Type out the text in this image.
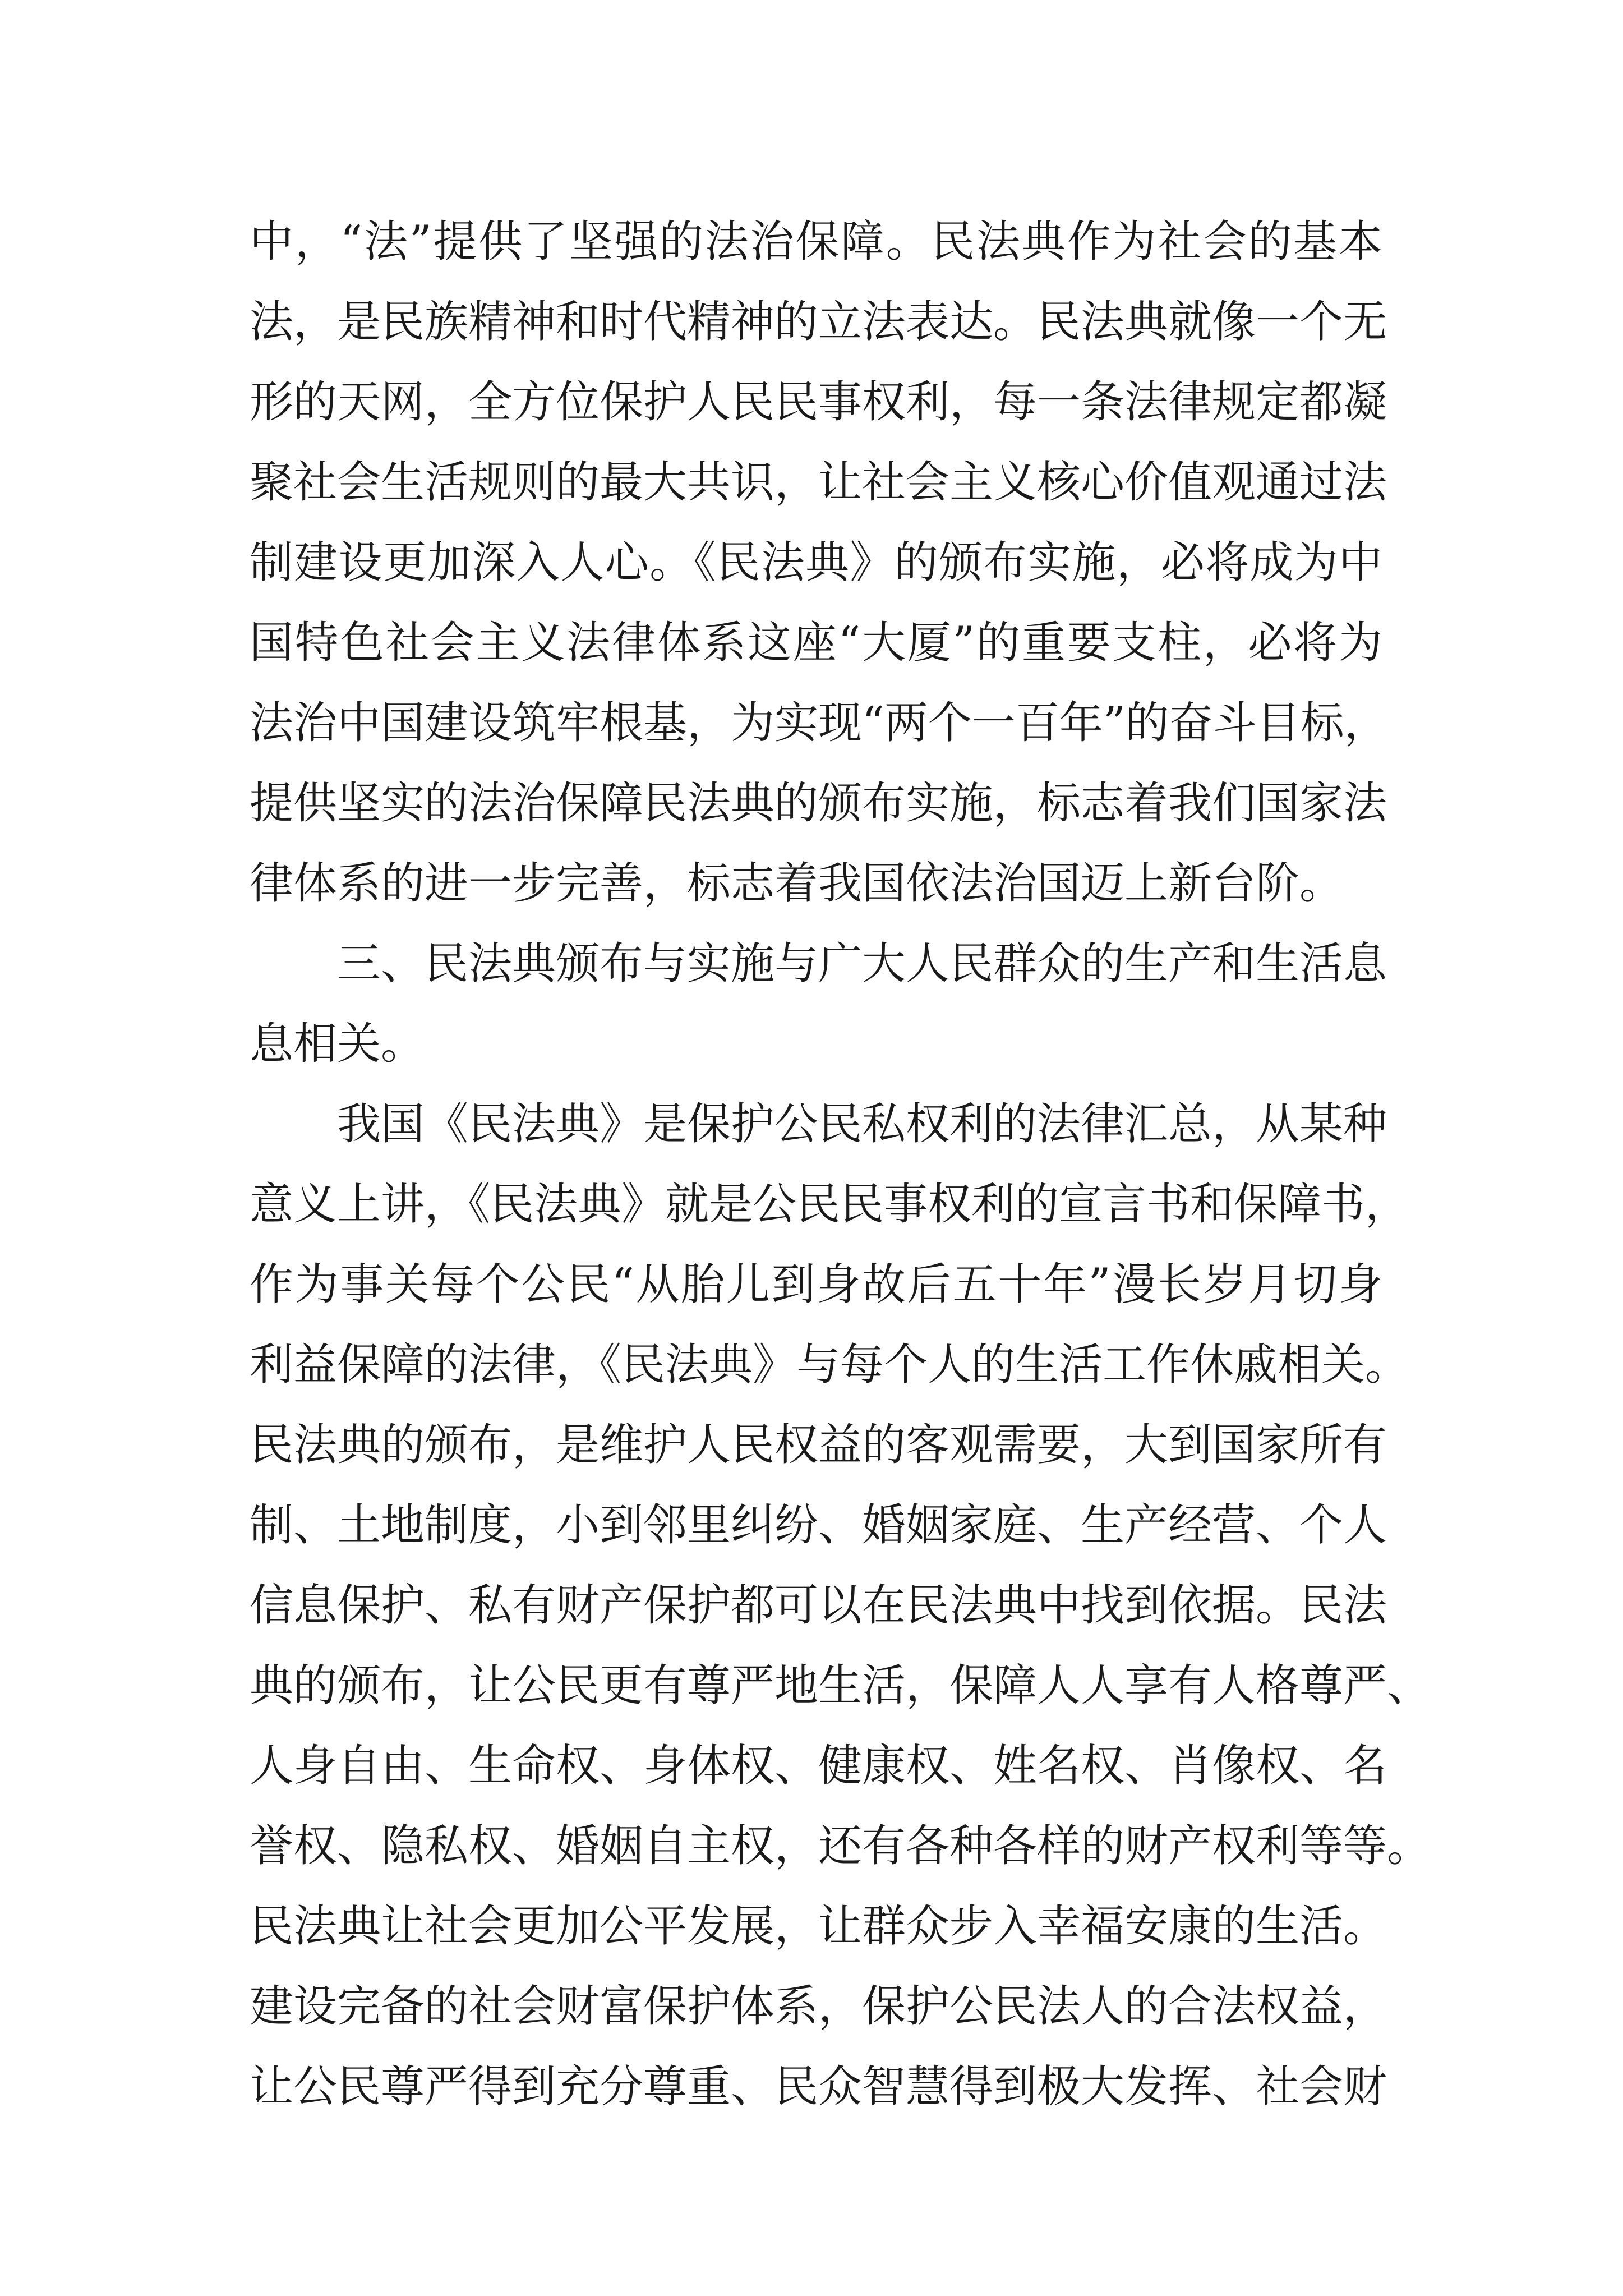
中，“法”提供了坚强的法治保障。民法典作为社会的基本
法，是民族精神和时代精神的立法表达。民法典就像一个无
形的天网，全方位保护人民民事权利，每一条法律规定都凝
聚社会生活规则的最大共识，让社会主义核心价值观通过法
制建设更加深入人心。《民法典》的颁布实施，必将成为中
国特色社会主义法律体系这座“大厦”的重要支柱，必将为
法治中国建设筑牢根基，为实现“两个一百年”的奋斗目标，
提供坚实的法治保障民法典的颁布实施，标志着我们国家法
律体系的进一步完善，标志着我国依法治国迈上新台阶。
三、民法典颁布与实施与广大人民群众的生产和生活息
息相关。
我国《民法典》是保护公民私权利的法律汇总，从某种
意义上讲，《民法典》就是公民民事权利的宣言书和保障书，
作为事关每个公民“从胎儿到身故后五十年”漫长岁月切身
利益保障的法律，《民法典》与每个人的生活工作休戚相关。
民法典的颁布，是维护人民权益的客观需要，大到国家所有
制、土地制度，小到邻里纠纷、婚姻家庭、生产经营、个人
信息保护、私有财产保护都可以在民法典中找到依据。民法
典的颁布，让公民更有尊严地生活，保障人人享有人格尊严、
人身自由、生命权、身体权、健康权、姓名权、肖像权、名
誉权、隐私权、婚姻自主权，还有各种各样的财产权利等等。
民法典让社会更加公平发展，让群众步入幸福安康的生活。
建设完备的社会财富保护体系，保护公民法人的合法权益，
让公民尊严得到充分尊重、民众智慧得到极大发挥、社会财
